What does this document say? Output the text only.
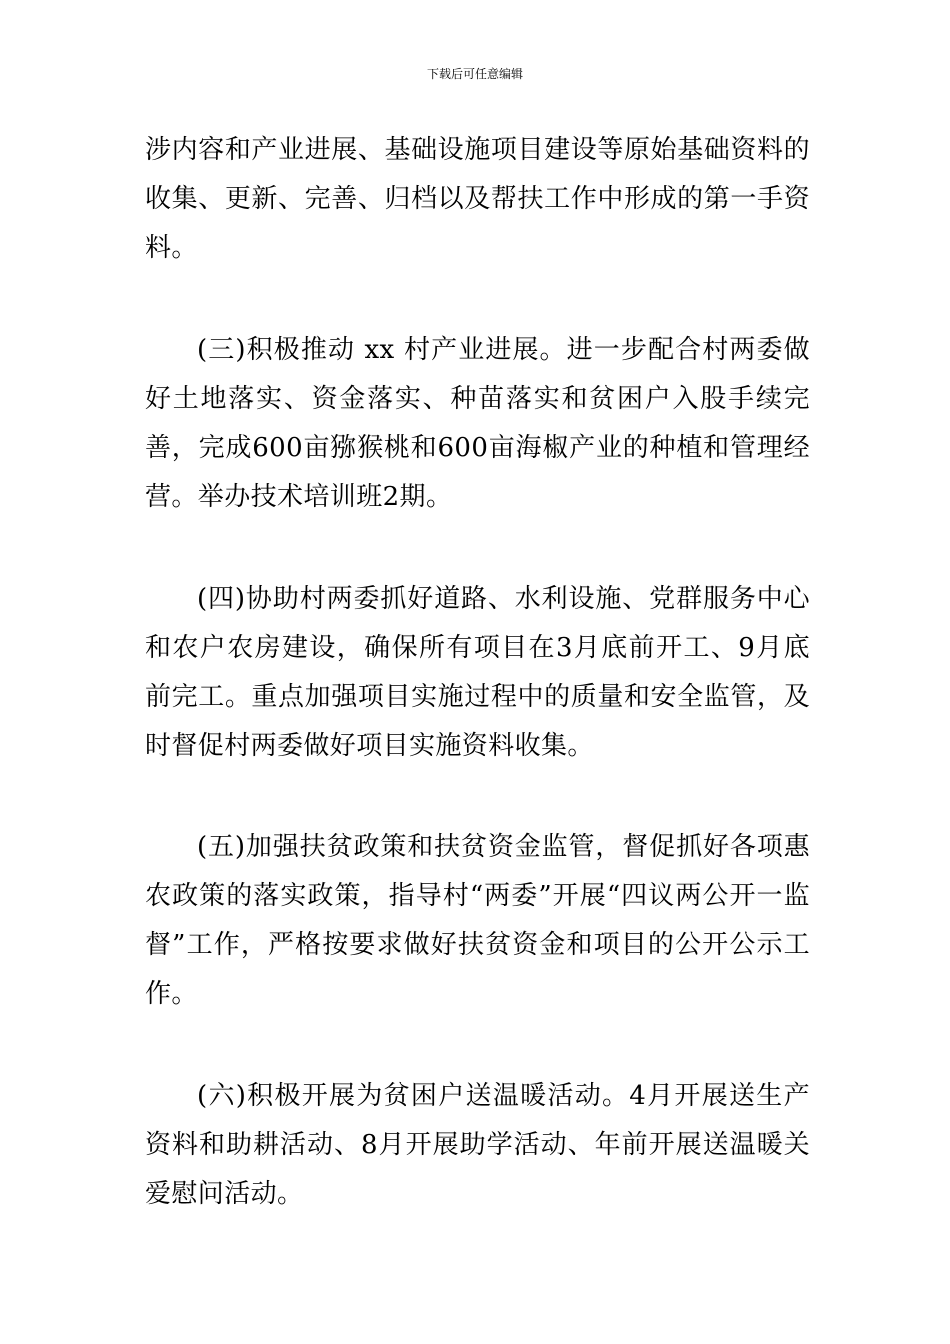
下载后可任意编辑

涉内容和产业进展、基础设施项目建设等原始基础资料的收集、更新、完善、归档以及帮扶工作中形成的第一手资料。

(三)积极推动 xx 村产业进展。进一步配合村两委做好土地落实、资金落实、种苗落实和贫困户入股手续完善，完成600亩猕猴桃和600亩海椒产业的种植和管理经营。举办技术培训班2期。

(四)协助村两委抓好道路、水利设施、党群服务中心和农户农房建设，确保所有项目在3月底前开工、9月底前完工。重点加强项目实施过程中的质量和安全监管，及时督促村两委做好项目实施资料收集。

(五)加强扶贫政策和扶贫资金监管，督促抓好各项惠农政策的落实政策，指导村“两委”开展“四议两公开一监督”工作，严格按要求做好扶贫资金和项目的公开公示工作。

(六)积极开展为贫困户送温暖活动。4月开展送生产资料和助耕活动、8月开展助学活动、年前开展送温暖关爱慰问活动。
